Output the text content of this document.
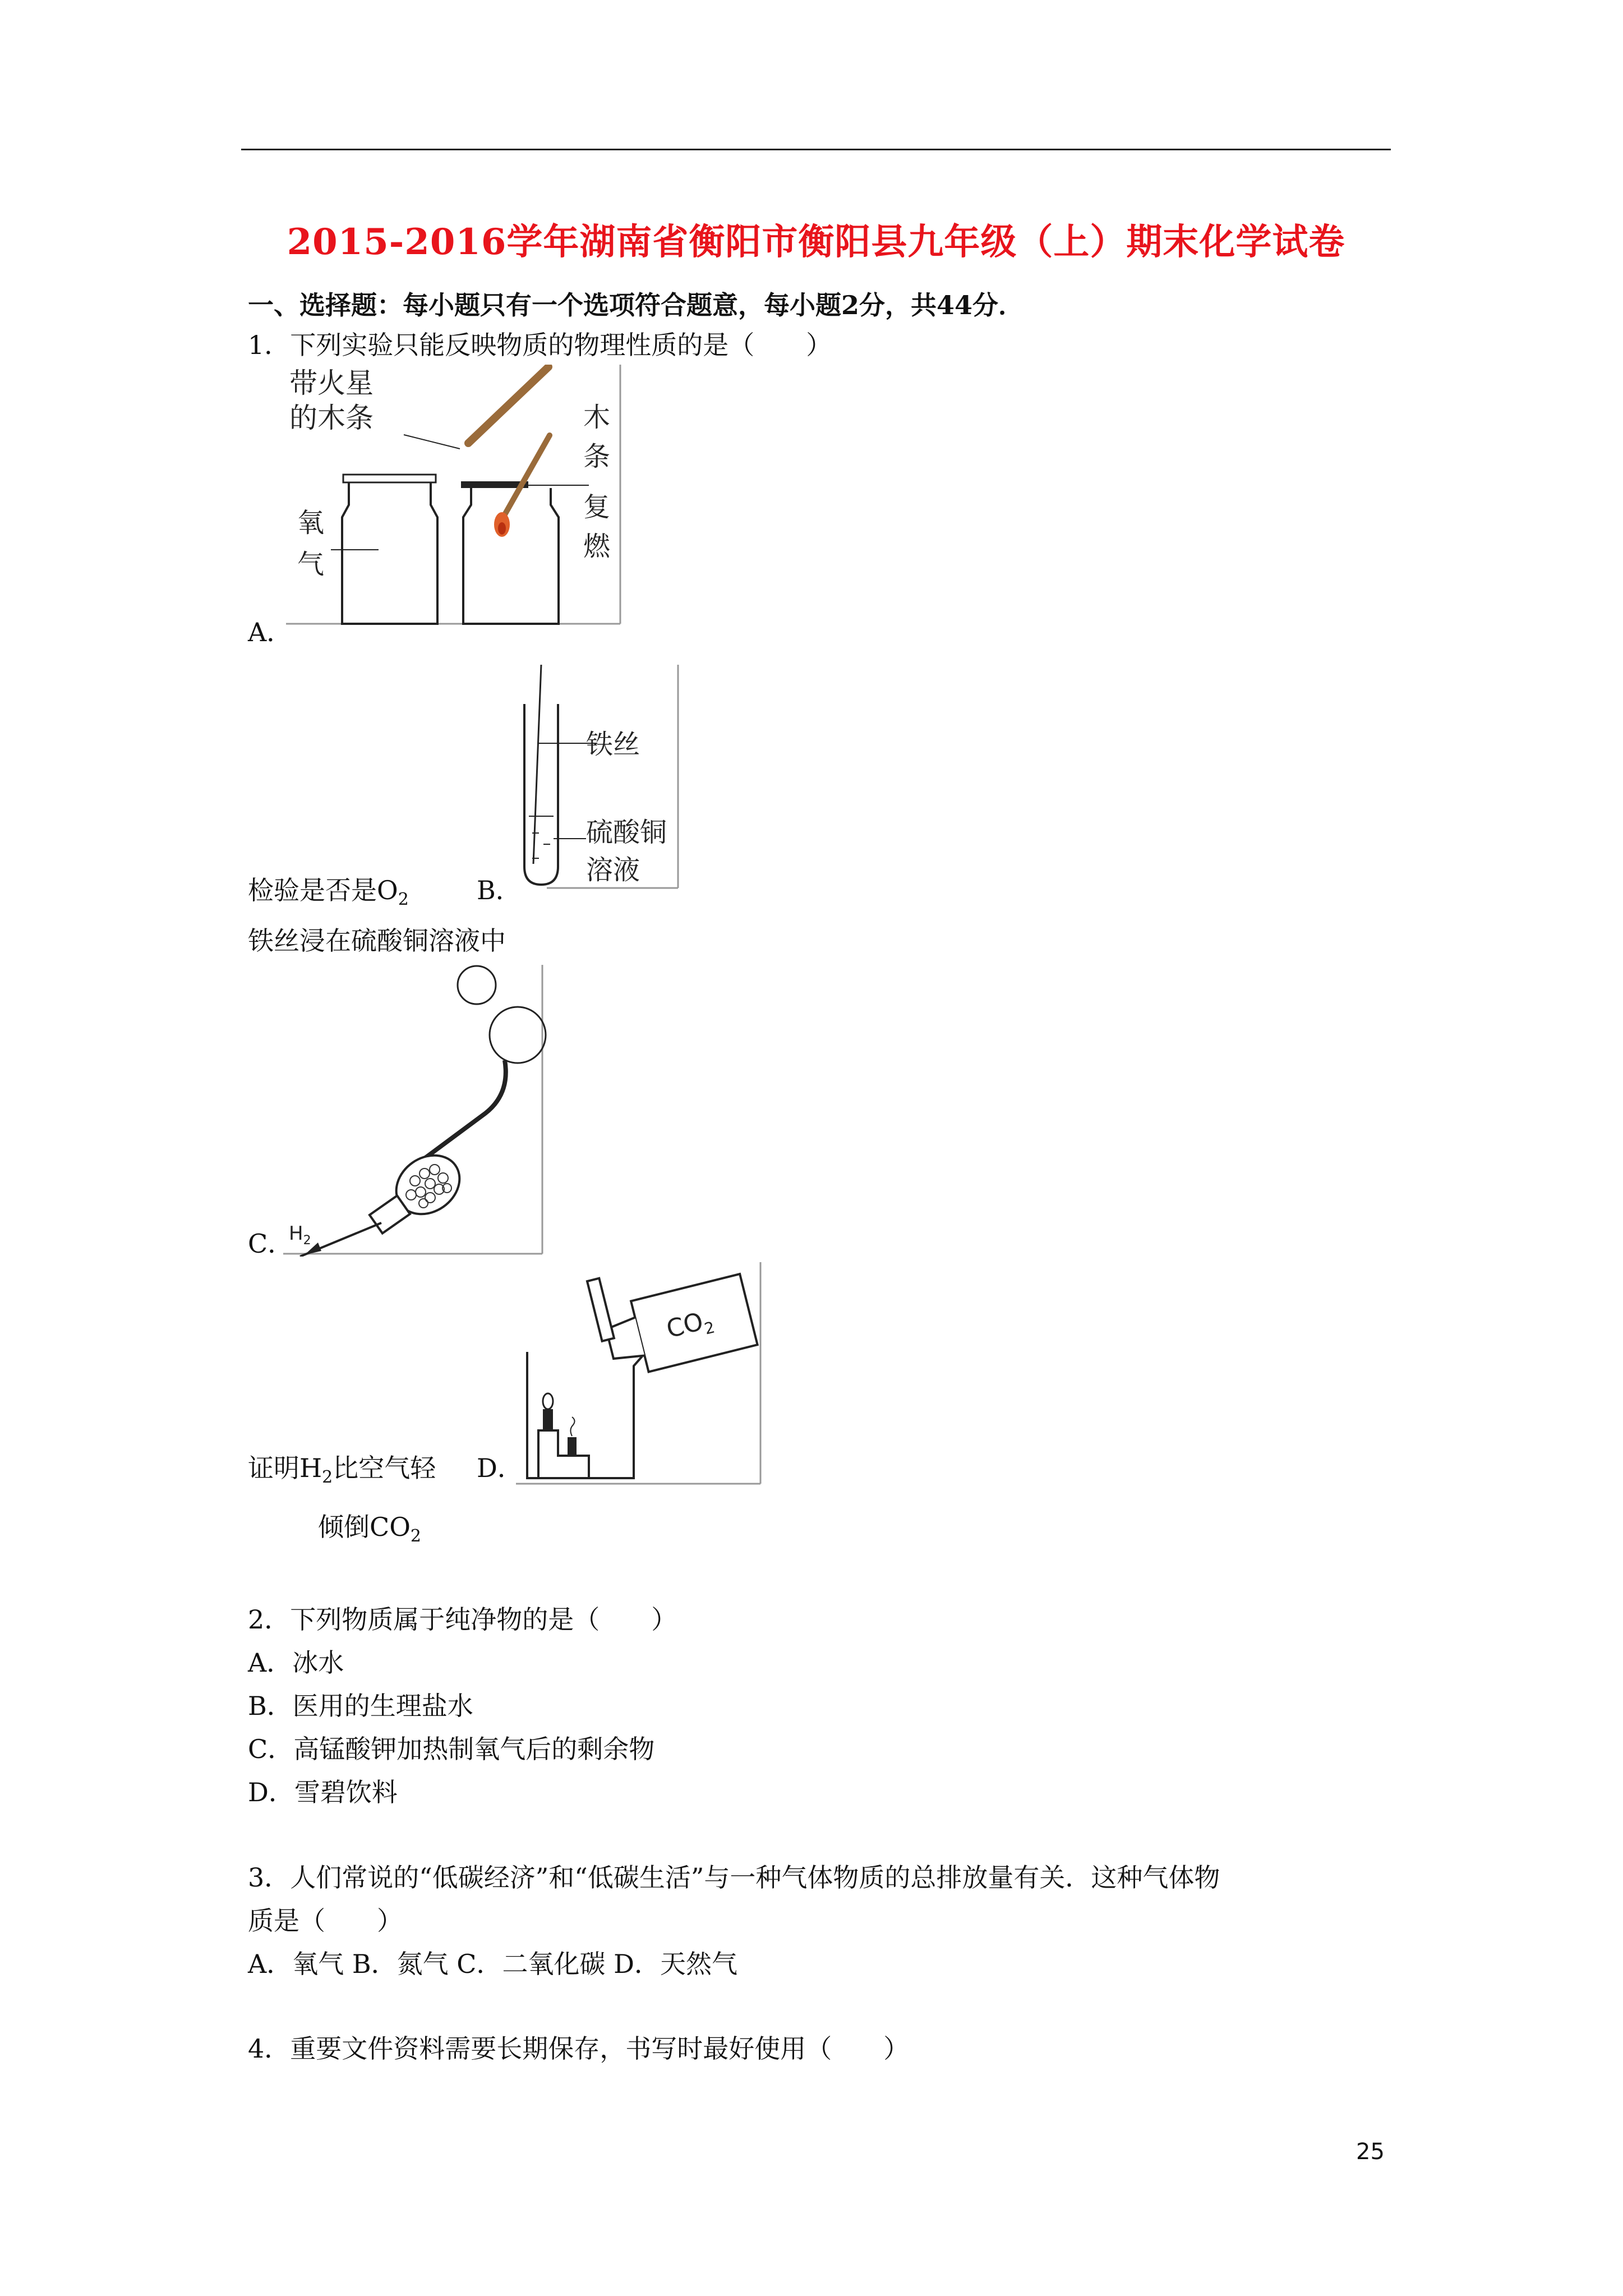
2015-2016学年湖南省衡阳市衡阳县九年级（上）期末化学试卷
一、选择题：每小题只有一个选项符合题意，每小题2分，共44分．
1．下列实验只能反映物质的物理性质的是（　　）
带火星
的木条
氧
气
木
条
复
燃
A．
铁丝
硫酸铜
溶液
检验是否是$O_2$	B．
铁丝浸在硫酸铜溶液中
$H_2$
C．
$CO_2$
证明$H_2$比空气轻 D．
倾倒$CO_2$
2．下列物质属于纯净物的是（　　）
A．冰水
B．医用的生理盐水
C．高锰酸钾加热制氧气后的剩余物
D．雪碧饮料
3．人们常说的“低碳经济”和“低碳生活”与一种气体物质的总排放量有关．这种气体物
质是（　　）
A．氧气 B．氮气 C．二氧化碳 D．天然气
4．重要文件资料需要长期保存，书写时最好使用（　　）
25
